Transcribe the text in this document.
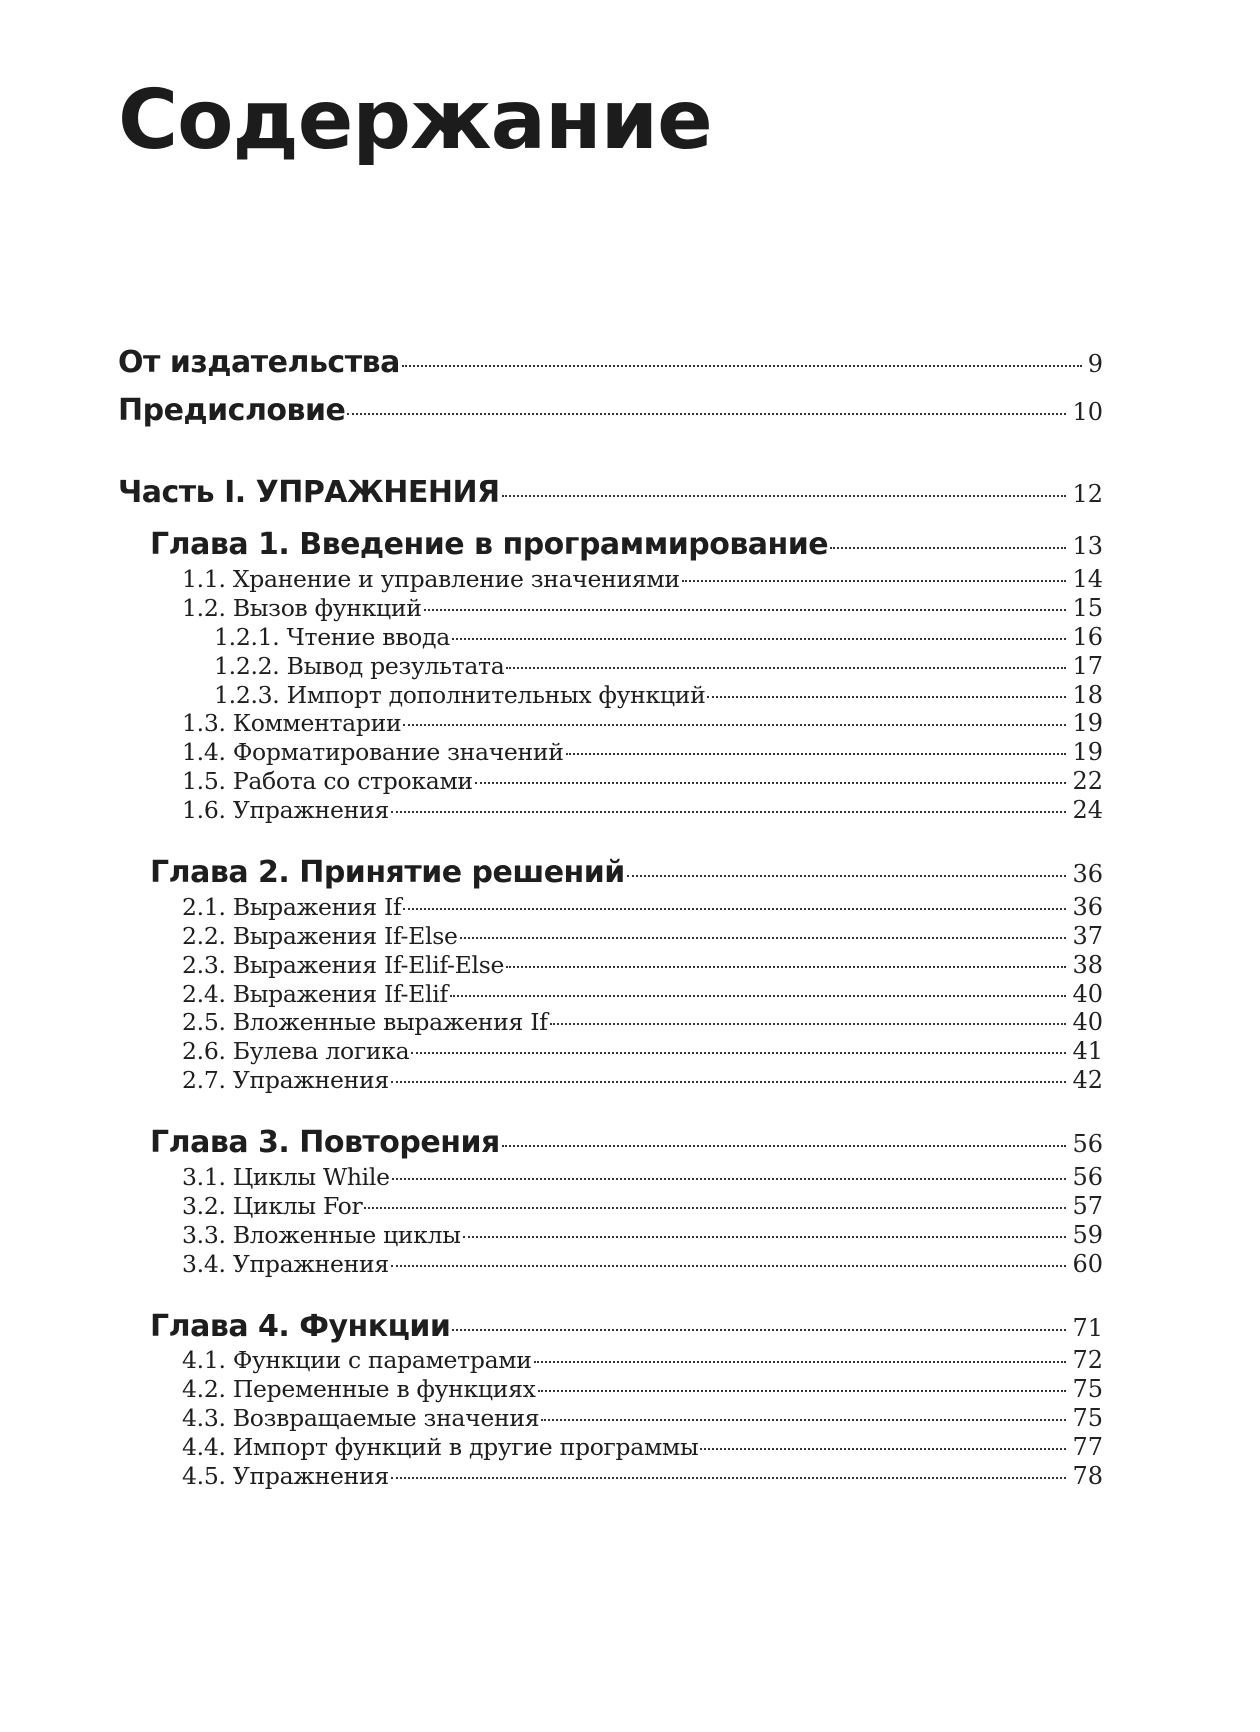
Содержание
От издательства	9
Предисловие	10
Часть I. УПРАЖНЕНИЯ	12
Глава 1. Введение в программирование	13
1.1. Хранение и управление значениями	14
1.2. Вызов функций	15
1.2.1. Чтение ввода	16
1.2.2. Вывод результата	17
1.2.3. Импорт дополнительных функций	18
1.3. Комментарии	19
1.4. Форматирование значений	19
1.5. Работа со строками	22
1.6. Упражнения	24
Глава 2. Принятие решений	36
2.1. Выражения If	36
2.2. Выражения If-Else	37
2.3. Выражения If-Elif-Else	38
2.4. Выражения If-Elif	40
2.5. Вложенные выражения If	40
2.6. Булева логика	41
2.7. Упражнения	42
Глава 3. Повторения	56
3.1. Циклы While	56
3.2. Циклы For	57
3.3. Вложенные циклы	59
3.4. Упражнения	60
Глава 4. Функции	71
4.1. Функции с параметрами	72
4.2. Переменные в функциях	75
4.3. Возвращаемые значения	75
4.4. Импорт функций в другие программы	77
4.5. Упражнения	78
